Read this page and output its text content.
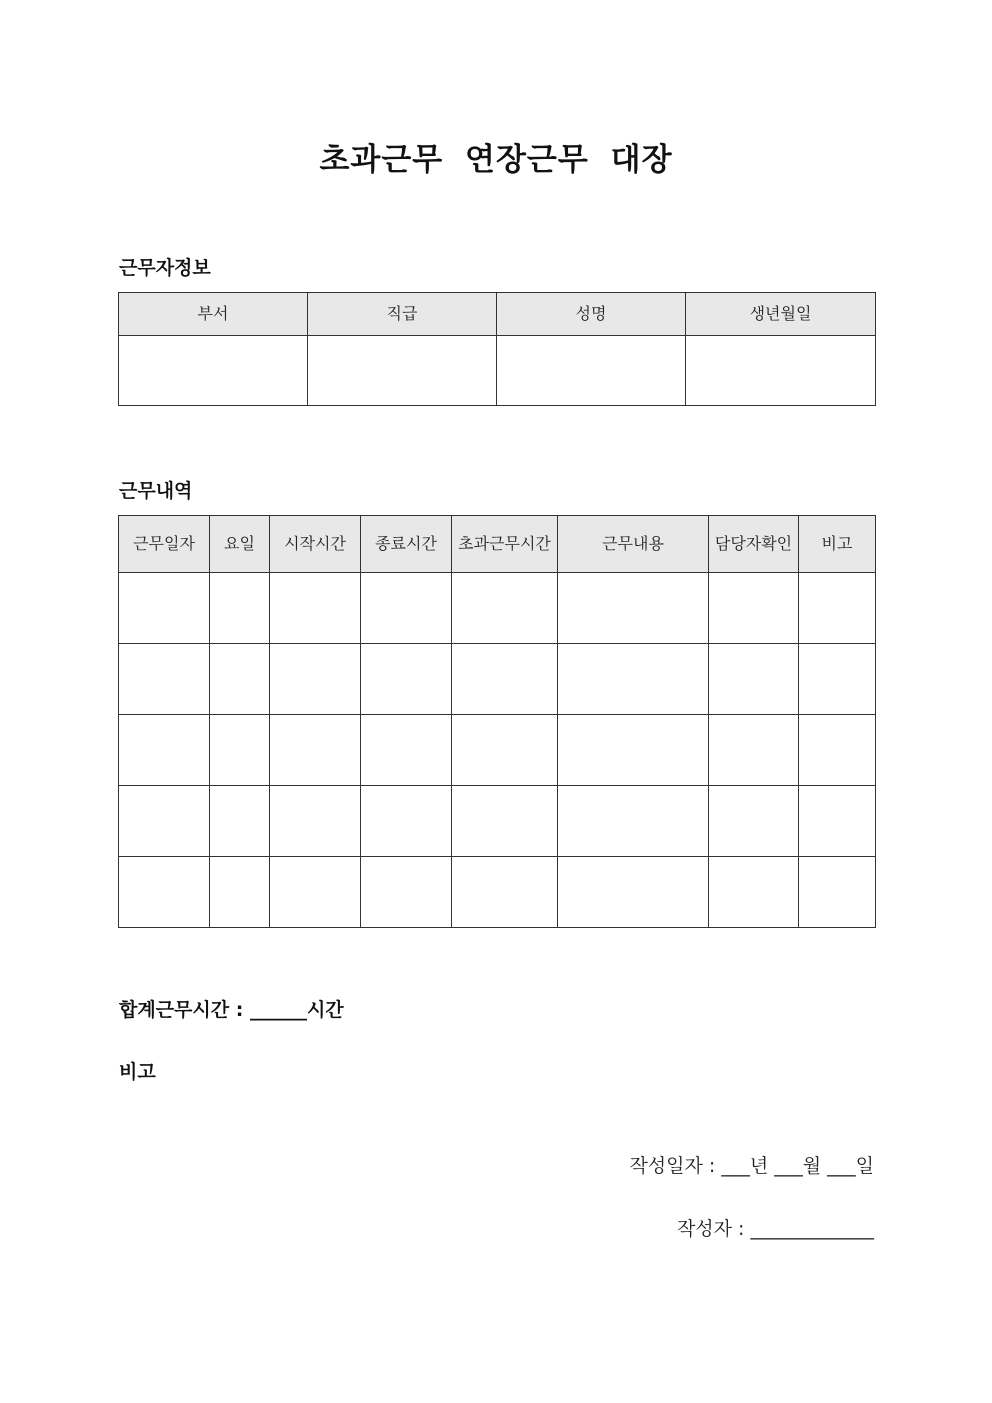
초과근무 연장근무 대장
근무자정보
부서	직급	성명	생년월일

근무내역
근무일자	요일	시작시간	종료시간	초과근무시간	근무내용	담당자확인	비고

합계근무시간 : ______시간
비고
작성일자 : ___년 ___월 ___일
작성자 : _____________
